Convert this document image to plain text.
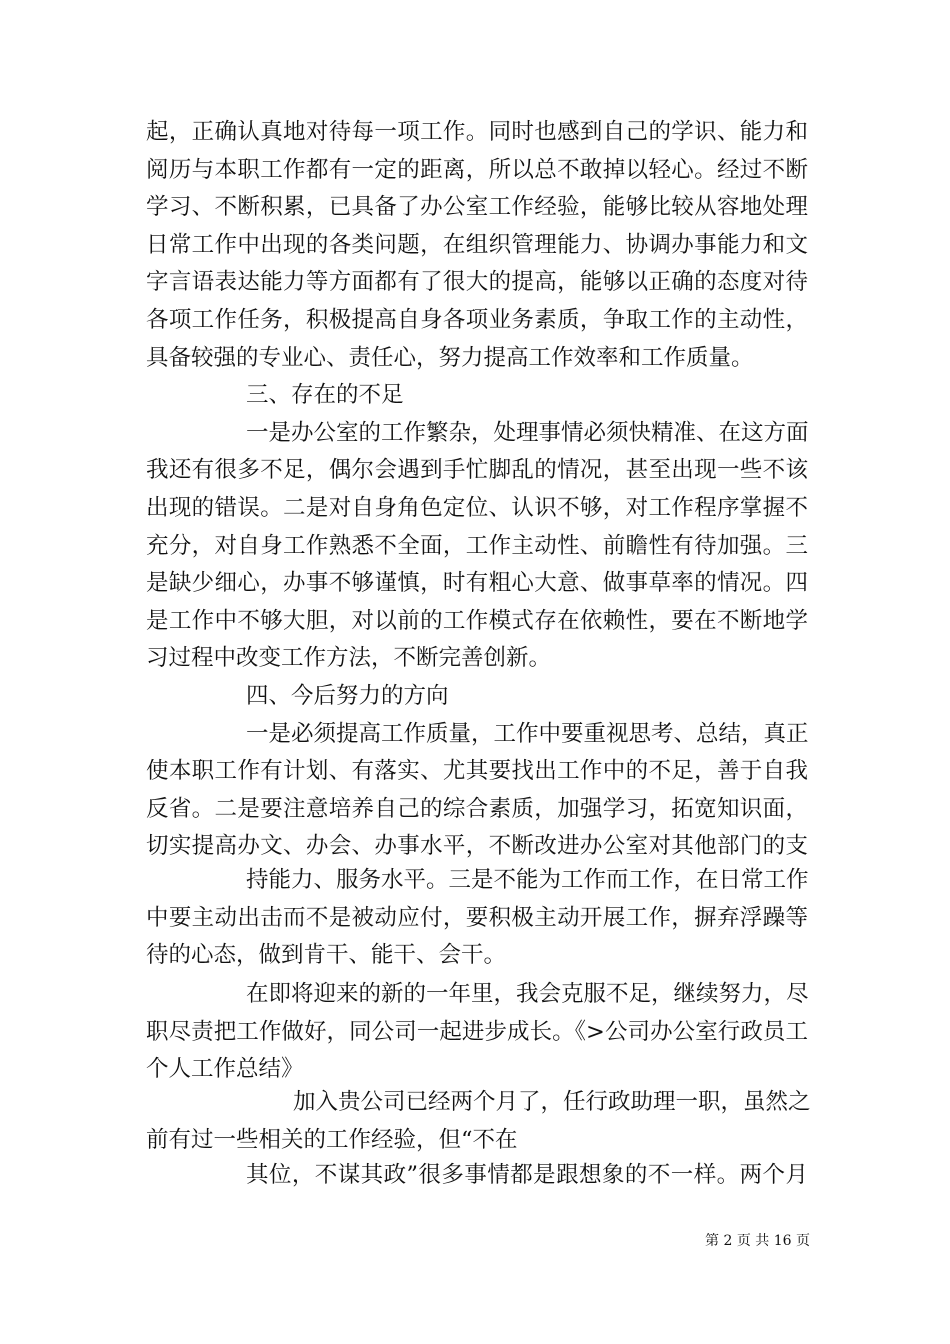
起，正确认真地对待每一项工作。同时也感到自己的学识、能力和
阅历与本职工作都有一定的距离，所以总不敢掉以轻心。经过不断
学习、不断积累，已具备了办公室工作经验，能够比较从容地处理
日常工作中出现的各类问题，在组织管理能力、协调办事能力和文
字言语表达能力等方面都有了很大的提高，能够以正确的态度对待
各项工作任务，积极提高自身各项业务素质，争取工作的主动性，
具备较强的专业心、责任心，努力提高工作效率和工作质量。
三、存在的不足
一是办公室的工作繁杂，处理事情必须快精准、在这方面
我还有很多不足，偶尔会遇到手忙脚乱的情况，甚至出现一些不该
出现的错误。二是对自身角色定位、认识不够，对工作程序掌握不
充分，对自身工作熟悉不全面，工作主动性、前瞻性有待加强。三
是缺少细心，办事不够谨慎，时有粗心大意、做事草率的情况。四
是工作中不够大胆，对以前的工作模式存在依赖性，要在不断地学
习过程中改变工作方法，不断完善创新。
四、今后努力的方向
一是必须提高工作质量，工作中要重视思考、总结，真正
使本职工作有计划、有落实、尤其要找出工作中的不足，善于自我
反省。二是要注意培养自己的综合素质，加强学习，拓宽知识面，
切实提高办文、办会、办事水平，不断改进办公室对其他部门的支
持能力、服务水平。三是不能为工作而工作，在日常工作
中要主动出击而不是被动应付，要积极主动开展工作，摒弃浮躁等
待的心态，做到肯干、能干、会干。
在即将迎来的新的一年里，我会克服不足，继续努力，尽
职尽责把工作做好，同公司一起进步成长。《>公司办公室行政员工
个人工作总结》
加入贵公司已经两个月了，任行政助理一职，虽然之
前有过一些相关的工作经验，但“不在
其位，不谋其政”很多事情都是跟想象的不一样。两个月
第 2 页 共 16 页
